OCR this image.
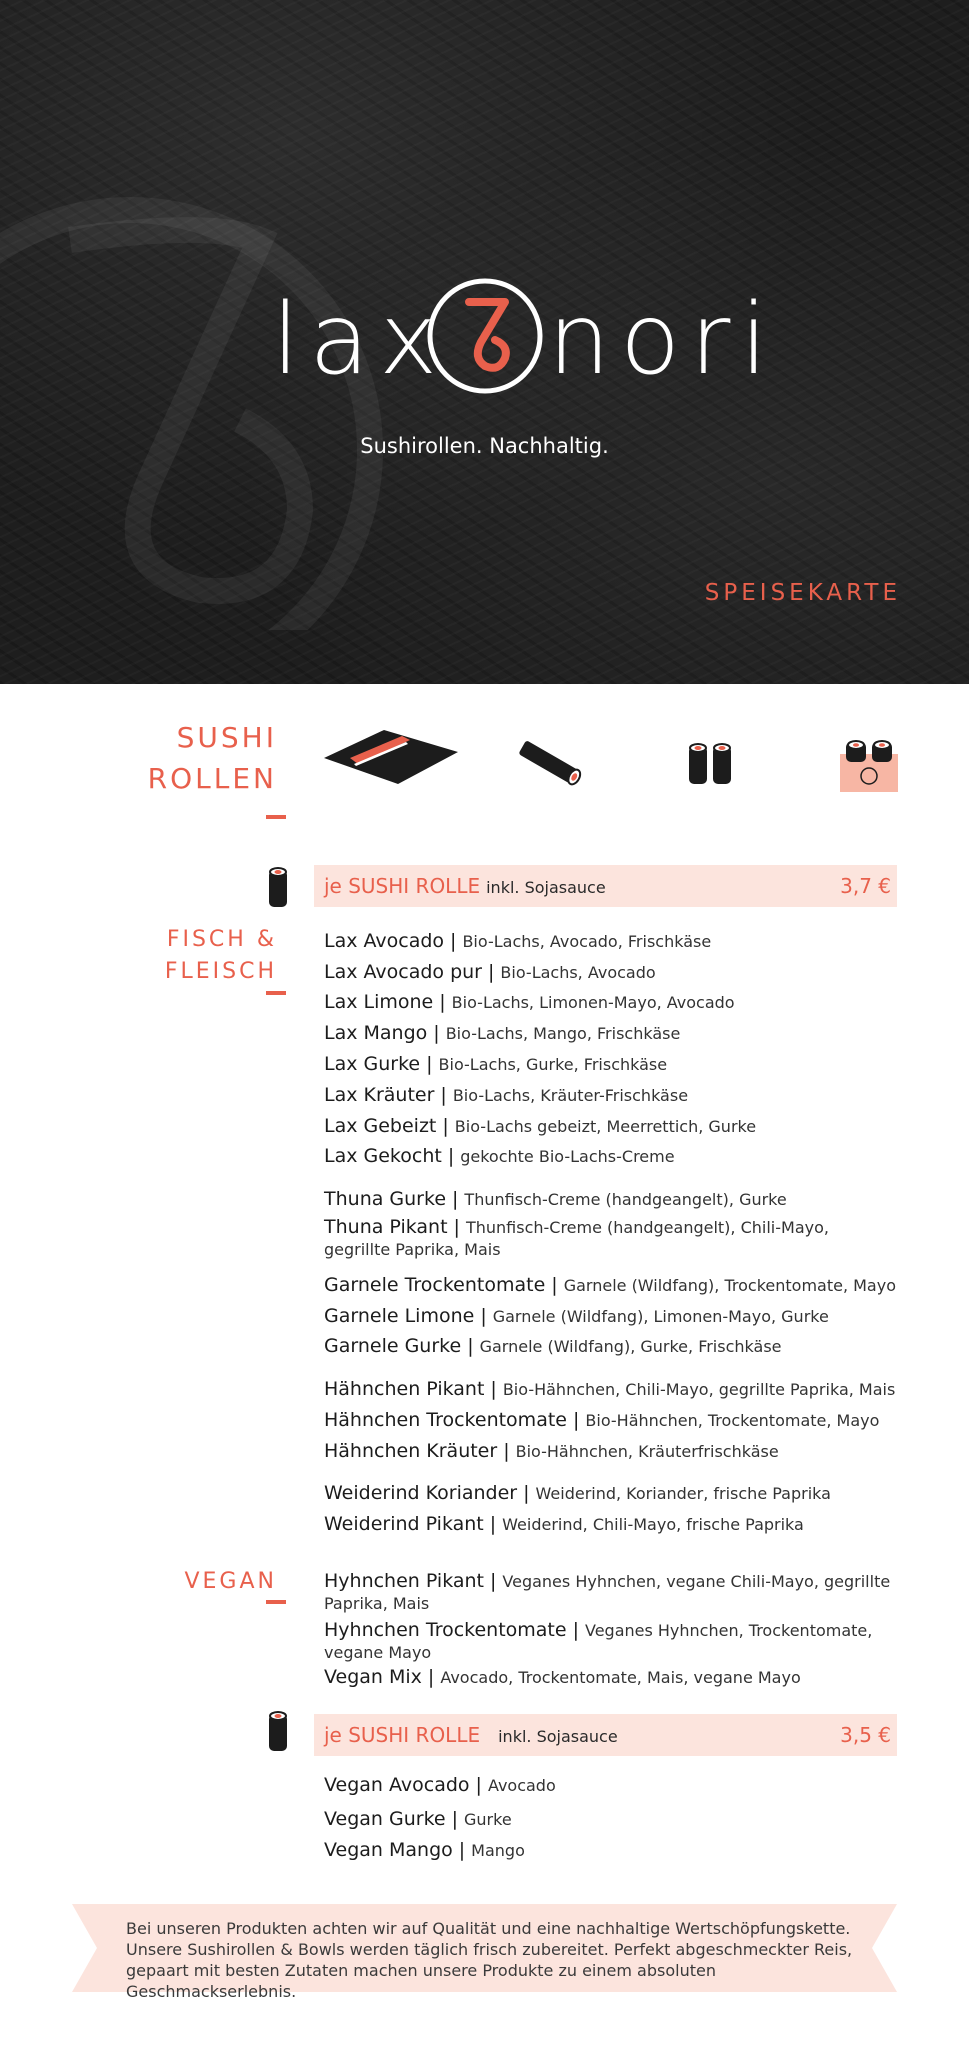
lax nori
Sushirollen. Nachhaltig.
SPEISEKARTE
SUSHI
ROLLEN
je SUSHI ROLLE inkl. Sojasauce	3,7 €
FISCH &
FLEISCH
Lax Avocado | Bio-Lachs, Avocado, Frischkäse
Lax Avocado pur | Bio-Lachs, Avocado
Lax Limone | Bio-Lachs, Limonen-Mayo, Avocado
Lax Mango | Bio-Lachs, Mango, Frischkäse
Lax Gurke | Bio-Lachs, Gurke, Frischkäse
Lax Kräuter | Bio-Lachs, Kräuter-Frischkäse
Lax Gebeizt | Bio-Lachs gebeizt, Meerrettich, Gurke
Lax Gekocht | gekochte Bio-Lachs-Creme
Thuna Gurke | Thunfisch-Creme (handgeangelt), Gurke
Thuna Pikant | Thunfisch-Creme (handgeangelt), Chili-Mayo, gegrillte Paprika, Mais
Garnele Trockentomate | Garnele (Wildfang), Trockentomate, Mayo
Garnele Limone | Garnele (Wildfang), Limonen-Mayo, Gurke
Garnele Gurke | Garnele (Wildfang), Gurke, Frischkäse
Hähnchen Pikant | Bio-Hähnchen, Chili-Mayo, gegrillte Paprika, Mais
Hähnchen Trockentomate | Bio-Hähnchen, Trockentomate, Mayo
Hähnchen Kräuter | Bio-Hähnchen, Kräuterfrischkäse
Weiderind Koriander | Weiderind, Koriander, frische Paprika
Weiderind Pikant | Weiderind, Chili-Mayo, frische Paprika
VEGAN Hyhnchen Pikant | Veganes Hyhnchen, vegane Chili-Mayo, gegrillte Paprika, Mais
Hyhnchen Trockentomate | Veganes Hyhnchen, Trockentomate, vegane Mayo
Vegan Mix | Avocado, Trockentomate, Mais, vegane Mayo
je SUSHI ROLLE inkl. Sojasauce	3,5 €
Vegan Avocado | Avocado
Vegan Gurke | Gurke
Vegan Mango | Mango
Bei unseren Produkten achten wir auf Qualität und eine nachhaltige Wertschöpfungskette.
Unsere Sushirollen & Bowls werden täglich frisch zubereitet. Perfekt abgeschmeckter Reis,
gepaart mit besten Zutaten machen unsere Produkte zu einem absoluten Geschmackserlebnis.
